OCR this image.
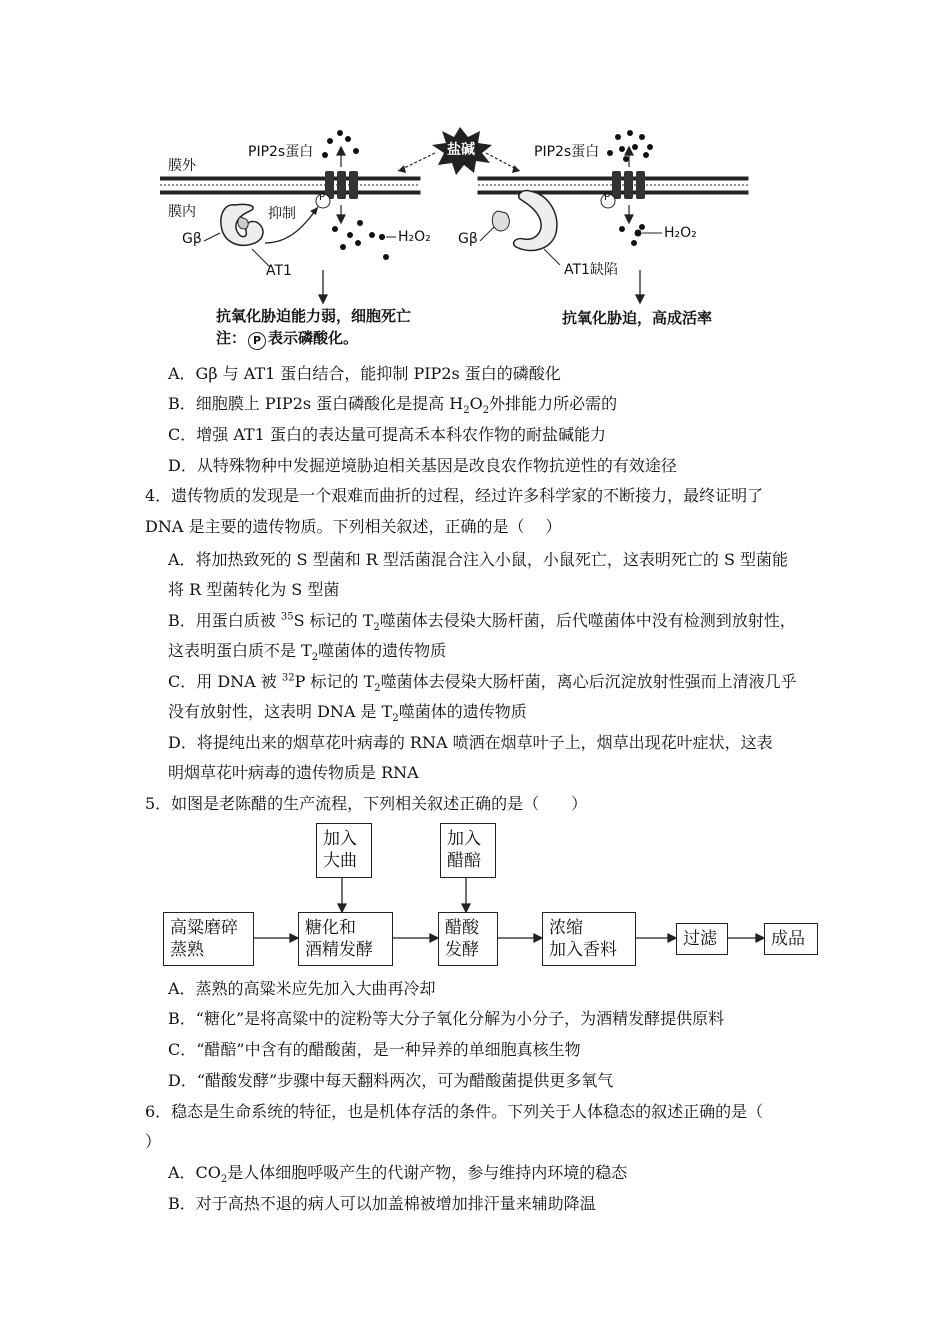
膜外
膜内
PIP2s蛋白	PIP2s蛋白
盐碱
抑制
Gβ	Gβ
AT1	AT1缺陷
H₂O₂	H₂O₂
P	P
抗氧化胁迫能力弱，细胞死亡	抗氧化胁迫，高成活率
注： P 表示磷酸化。
A．Gβ 与 AT1 蛋白结合，能抑制 PIP2s 蛋白的磷酸化
B．细胞膜上 PIP2s 蛋白磷酸化是提高 $H_2O_2$外排能力所必需的
C．增强 AT1 蛋白的表达量可提高禾本科农作物的耐盐碱能力
D．从特殊物种中发掘逆境胁迫相关基因是改良农作物抗逆性的有效途径
4．遗传物质的发现是一个艰难而曲折的过程，经过许多科学家的不断接力，最终证明了
DNA 是主要的遗传物质。下列相关叙述，正确的是（　 ）
A．将加热致死的 S 型菌和 R 型活菌混合注入小鼠，小鼠死亡，这表明死亡的 S 型菌能
将 R 型菌转化为 S 型菌
B．用蛋白质被 $^{35}$S 标记的 $T_2$噬菌体去侵染大肠杆菌，后代噬菌体中没有检测到放射性，
这表明蛋白质不是 $T_2$噬菌体的遗传物质
C．用 DNA 被 $^{32}$P 标记的 $T_2$噬菌体去侵染大肠杆菌，离心后沉淀放射性强而上清液几乎
没有放射性，这表明 DNA 是 $T_2$噬菌体的遗传物质
D．将提纯出来的烟草花叶病毒的 RNA 喷洒在烟草叶子上，烟草出现花叶症状，这表
明烟草花叶病毒的遗传物质是 RNA
5．如图是老陈醋的生产流程，下列相关叙述正确的是（　　）
加入
大曲
加入
醋醅
高粱磨碎
蒸熟
糖化和
酒精发酵
醋酸
发酵
浓缩
加入香料
过滤	成品
A．蒸熟的高粱米应先加入大曲再冷却
B．“糖化”是将高粱中的淀粉等大分子氧化分解为小分子，为酒精发酵提供原料
C．“醋醅”中含有的醋酸菌，是一种异养的单细胞真核生物
D．“醋酸发酵”步骤中每天翻料两次，可为醋酸菌提供更多氧气
6．稳态是生命系统的特征，也是机体存活的条件。下列关于人体稳态的叙述正确的是（
）
A．$CO_2$是人体细胞呼吸产生的代谢产物，参与维持内环境的稳态
B．对于高热不退的病人可以加盖棉被增加排汗量来辅助降温
